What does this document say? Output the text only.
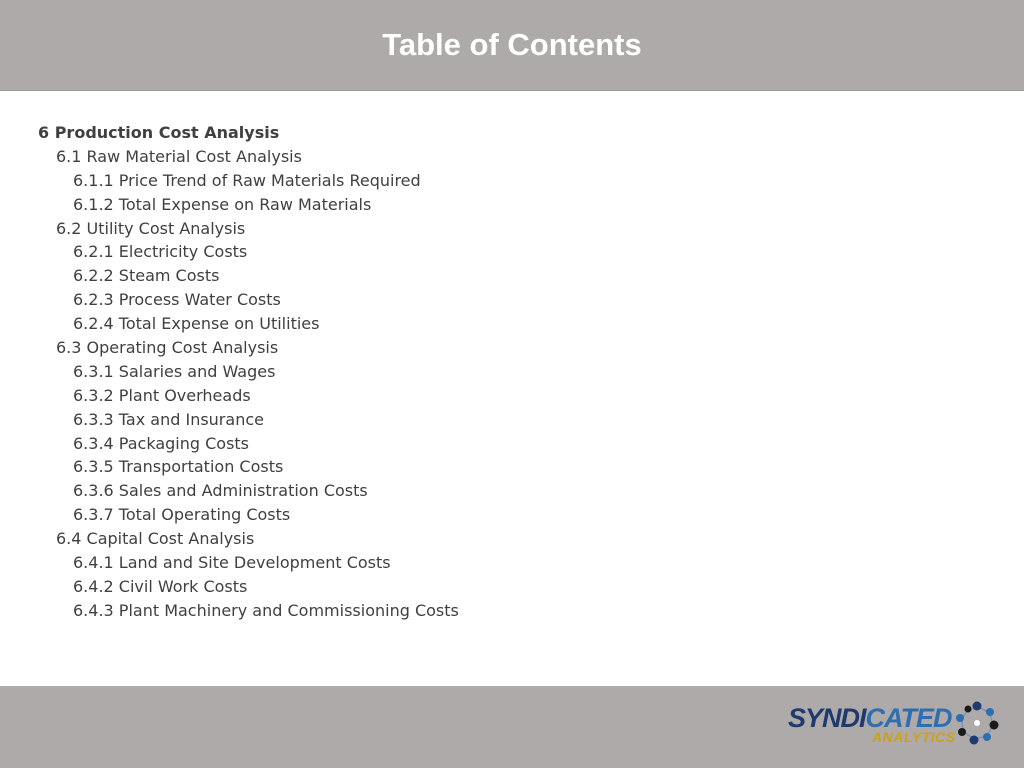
Table of Contents
6 Production Cost Analysis
6.1 Raw Material Cost Analysis
6.1.1 Price Trend of Raw Materials Required
6.1.2 Total Expense on Raw Materials
6.2 Utility Cost Analysis
6.2.1 Electricity Costs
6.2.2 Steam Costs
6.2.3 Process Water Costs
6.2.4 Total Expense on Utilities
6.3 Operating Cost Analysis
6.3.1 Salaries and Wages
6.3.2 Plant Overheads
6.3.3 Tax and Insurance
6.3.4 Packaging Costs
6.3.5 Transportation Costs
6.3.6 Sales and Administration Costs
6.3.7 Total Operating Costs
6.4 Capital Cost Analysis
6.4.1 Land and Site Development Costs
6.4.2 Civil Work Costs
6.4.3 Plant Machinery and Commissioning Costs
SYNDICATED
ANALYTICS
